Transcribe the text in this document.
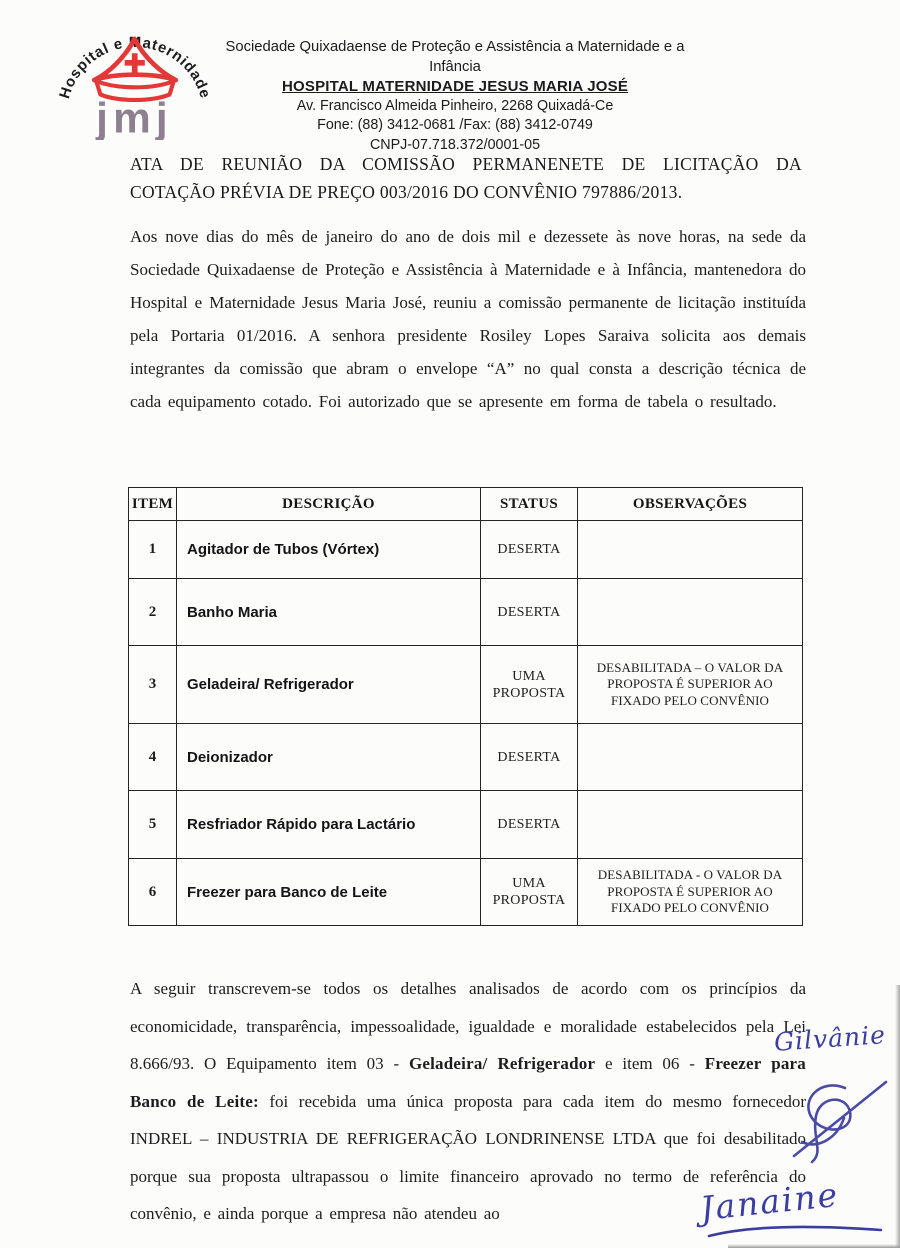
Hospital e Maternidade
jmj
Sociedade Quixadaense de Proteção e Assistência a Maternidade e a Infância
HOSPITAL MATERNIDADE JESUS MARIA JOSÉ
Av. Francisco Almeida Pinheiro, 2268 Quixadá-Ce
Fone: (88) 3412-0681 /Fax: (88) 3412-0749
CNPJ-07.718.372/0001-05
ATA DE REUNIÃO DA COMISSÃO PERMANENETE DE LICITAÇÃO DA
COTAÇÃO PRÉVIA DE PREÇO 003/2016 DO CONVÊNIO 797886/2013.
Aos nove dias do mês de janeiro do ano de dois mil e dezessete às nove horas, na sede da Sociedade Quixadaense de Proteção e Assistência à Maternidade e à Infância, mantenedora do Hospital e Maternidade Jesus Maria José, reuniu a comissão permanente de licitação instituída pela Portaria 01/2016. A senhora presidente Rosiley Lopes Saraiva solicita aos demais integrantes da comissão que abram o envelope “A” no qual consta a descrição técnica de cada equipamento cotado. Foi autorizado que se apresente em forma de tabela o resultado.
ITEM	DESCRIÇÃO	STATUS	OBSERVAÇÕES
1	Agitador de Tubos (Vórtex)	DESERTA	
2	Banho Maria	DESERTA	
3	Geladeira/ Refrigerador	UMA PROPOSTA	DESABILITADA – O VALOR DA PROPOSTA É SUPERIOR AO FIXADO PELO CONVÊNIO
4	Deionizador	DESERTA	
5	Resfriador Rápido para Lactário	DESERTA	
6	Freezer para Banco de Leite	UMA PROPOSTA	DESABILITADA - O VALOR DA PROPOSTA É SUPERIOR AO FIXADO PELO CONVÊNIO
A seguir transcrevem-se todos os detalhes analisados de acordo com os princípios da economicidade, transparência, impessoalidade, igualdade e moralidade estabelecidos pela Lei 8.666/93. O Equipamento item 03 - Geladeira/ Refrigerador e item 06 - Freezer para Banco de Leite: foi recebida uma única proposta para cada item do mesmo fornecedor INDREL – INDUSTRIA DE REFRIGERAÇÃO LONDRINENSE LTDA que foi desabilitado porque sua proposta ultrapassou o limite financeiro aprovado no termo de referência do convênio, e ainda porque a empresa não atendeu ao
Gilvânie
Janaine
